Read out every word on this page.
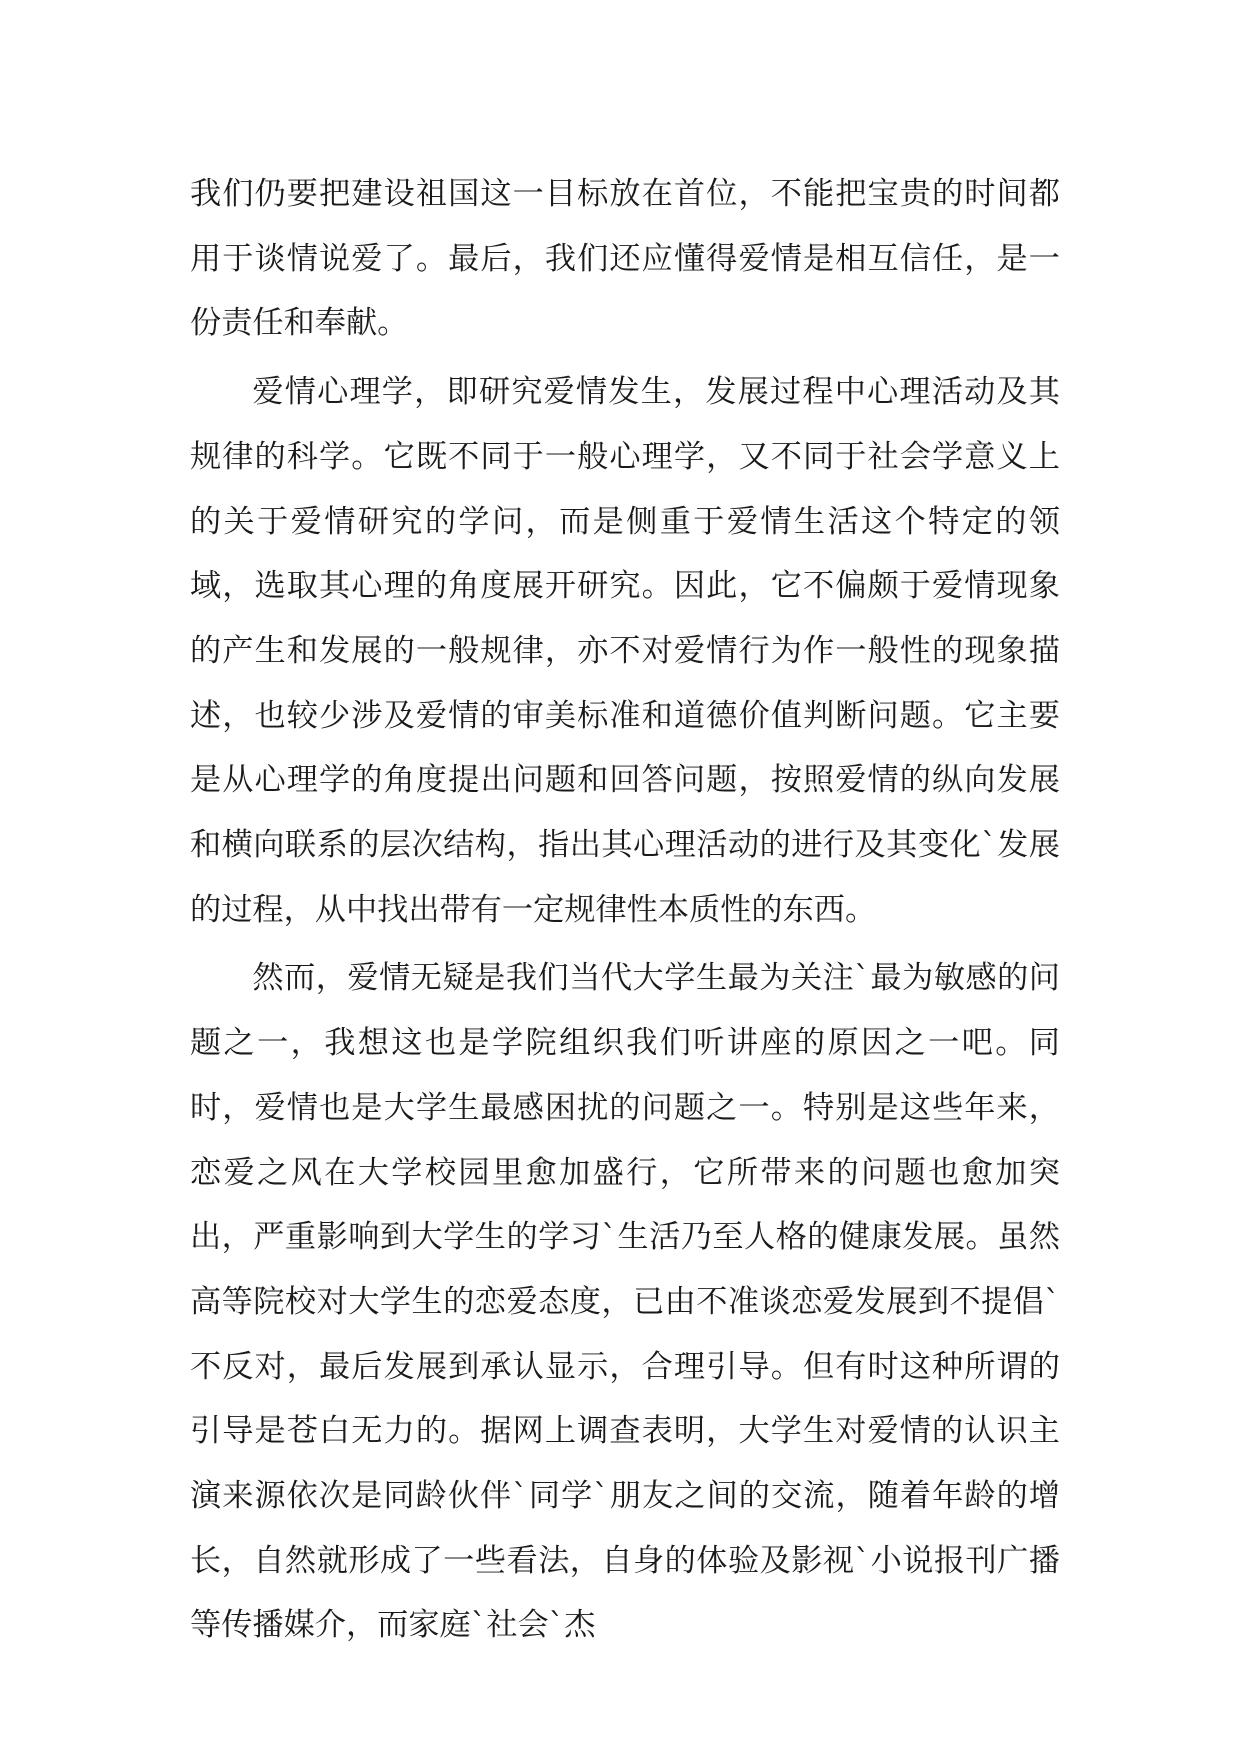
我们仍要把建设祖国这一目标放在首位，不能把宝贵的时间都用于谈情说爱了。最后，我们还应懂得爱情是相互信任，是一份责任和奉献。

爱情心理学，即研究爱情发生，发展过程中心理活动及其规律的科学。它既不同于一般心理学，又不同于社会学意义上的关于爱情研究的学问，而是侧重于爱情生活这个特定的领域，选取其心理的角度展开研究。因此，它不偏颇于爱情现象的产生和发展的一般规律，亦不对爱情行为作一般性的现象描述，也较少涉及爱情的审美标准和道德价值判断问题。它主要是从心理学的角度提出问题和回答问题，按照爱情的纵向发展和横向联系的层次结构，指出其心理活动的进行及其变化`发展的过程，从中找出带有一定规律性本质性的东西。

然而，爱情无疑是我们当代大学生最为关注`最为敏感的问题之一，我想这也是学院组织我们听讲座的原因之一吧。同时，爱情也是大学生最感困扰的问题之一。特别是这些年来，恋爱之风在大学校园里愈加盛行，它所带来的问题也愈加突出，严重影响到大学生的学习`生活乃至人格的健康发展。虽然高等院校对大学生的恋爱态度，已由不准谈恋爱发展到不提倡`不反对，最后发展到承认显示，合理引导。但有时这种所谓的引导是苍白无力的。据网上调查表明，大学生对爱情的认识主演来源依次是同龄伙伴`同学`朋友之间的交流，随着年龄的增长，自然就形成了一些看法，自身的体验及影视`小说报刊广播等传播媒介，而家庭`社会`杰
